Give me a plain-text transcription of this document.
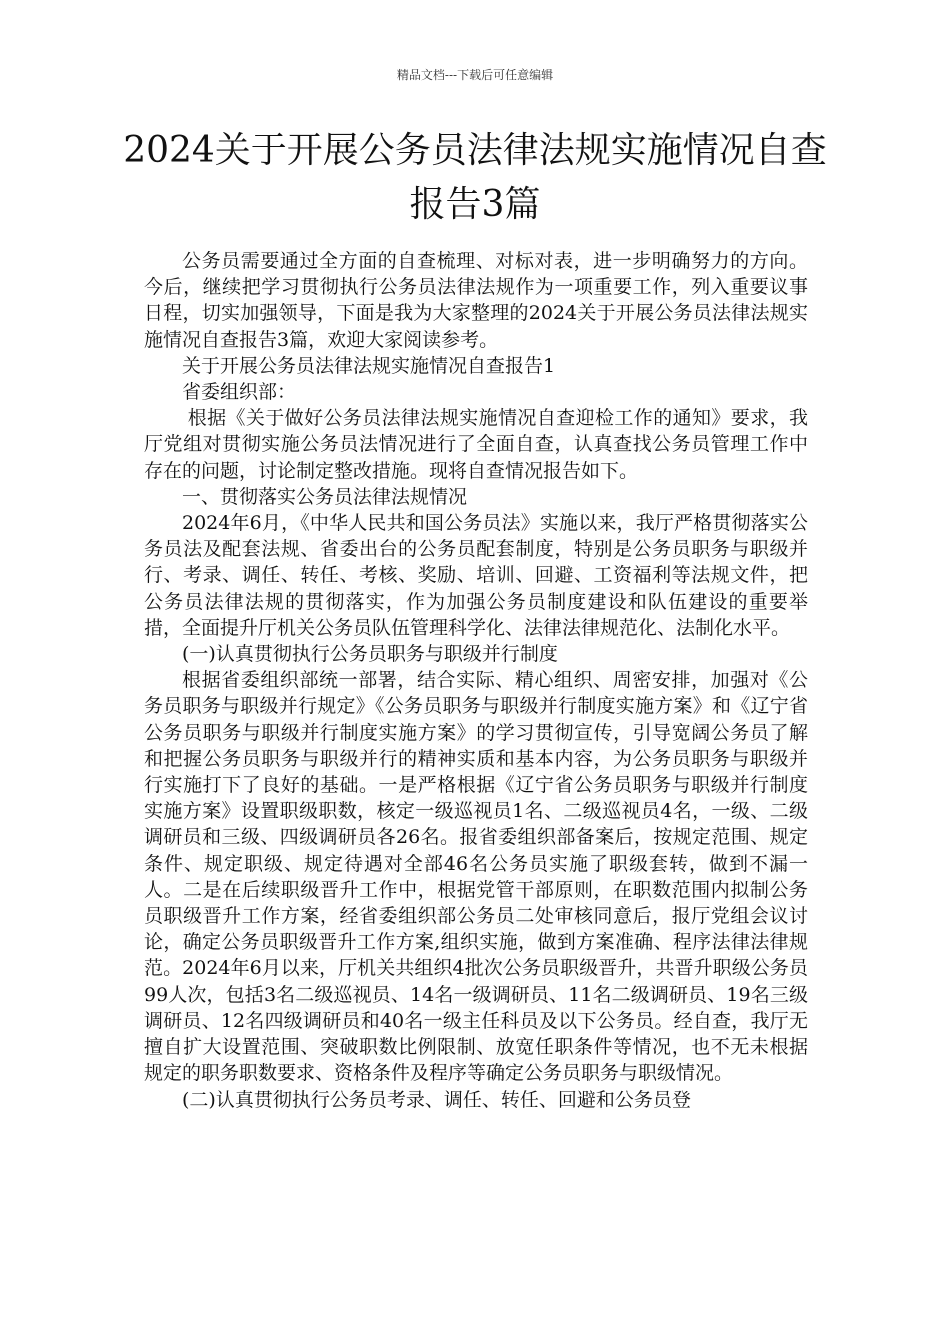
精品文档---下载后可任意编辑
2024关于开展公务员法律法规实施情况自查报告3篇

公务员需要通过全方面的自查梳理、对标对表，进一步明确努力的方向。今后，继续把学习贯彻执行公务员法律法规作为一项重要工作，列入重要议事日程，切实加强领导，下面是我为大家整理的2024关于开展公务员法律法规实施情况自查报告3篇，欢迎大家阅读参考。

关于开展公务员法律法规实施情况自查报告1

省委组织部：

根据《关于做好公务员法律法规实施情况自查迎检工作的通知》要求，我厅党组对贯彻实施公务员法情况进行了全面自查，认真查找公务员管理工作中存在的问题，讨论制定整改措施。现将自查情况报告如下。

一、贯彻落实公务员法律法规情况

2024年6月，《中华人民共和国公务员法》实施以来，我厅严格贯彻落实公务员法及配套法规、省委出台的公务员配套制度，特别是公务员职务与职级并行、考录、调任、转任、考核、奖励、培训、回避、工资福利等法规文件，把公务员法律法规的贯彻落实，作为加强公务员制度建设和队伍建设的重要举措，全面提升厅机关公务员队伍管理科学化、法律法律规范化、法制化水平。

(一)认真贯彻执行公务员职务与职级并行制度

根据省委组织部统一部署，结合实际、精心组织、周密安排，加强对《公务员职务与职级并行规定》《公务员职务与职级并行制度实施方案》和《辽宁省公务员职务与职级并行制度实施方案》的学习贯彻宣传，引导宽阔公务员了解和把握公务员职务与职级并行的精神实质和基本内容，为公务员职务与职级并行实施打下了良好的基础。一是严格根据《辽宁省公务员职务与职级并行制度实施方案》设置职级职数，核定一级巡视员1名、二级巡视员4名，一级、二级调研员和三级、四级调研员各26名。报省委组织部备案后，按规定范围、规定条件、规定职级、规定待遇对全部46名公务员实施了职级套转，做到不漏一人。二是在后续职级晋升工作中，根据党管干部原则，在职数范围内拟制公务员职级晋升工作方案，经省委组织部公务员二处审核同意后，报厅党组会议讨论，确定公务员职级晋升工作方案,组织实施，做到方案准确、程序法律法律规范。2024年6月以来，厅机关共组织4批次公务员职级晋升，共晋升职级公务员99人次，包括3名二级巡视员、14名一级调研员、11名二级调研员、19名三级调研员、12名四级调研员和40名一级主任科员及以下公务员。经自查，我厅无擅自扩大设置范围、突破职数比例限制、放宽任职条件等情况，也不无未根据规定的职务职数要求、资格条件及程序等确定公务员职务与职级情况。

(二)认真贯彻执行公务员考录、调任、转任、回避和公务员登
